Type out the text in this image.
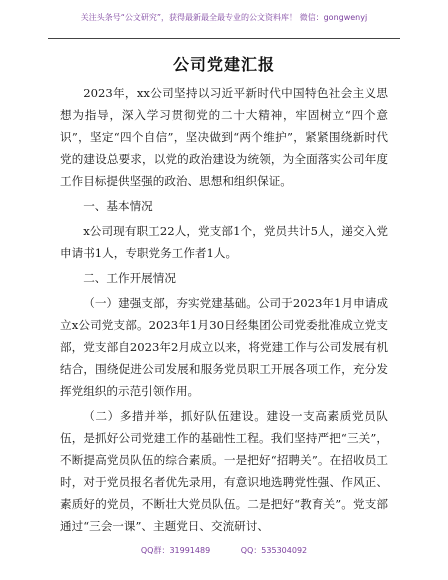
关注头条号“公文研究”，获得最新最全最专业的公文资料库！ 微信：gongwenyj
公司党建汇报

2023年，xx公司坚持以习近平新时代中国特色社会主义思想为指导，深入学习贯彻党的二十大精神，牢固树立“四个意识”，坚定“四个自信”，坚决做到“两个维护”，紧紧围绕新时代党的建设总要求，以党的政治建设为统领，为全面落实公司年度工作目标提供坚强的政治、思想和组织保证。

一、基本情况

x公司现有职工22人，党支部1个，党员共计5人，递交入党申请书1人，专职党务工作者1人。

二、工作开展情况

（一）建强支部，夯实党建基础。公司于2023年1月申请成立x公司党支部。2023年1月30日经集团公司党委批准成立党支部，党支部自2023年2月成立以来，将党建工作与公司发展有机结合，围绕促进公司发展和服务党员职工开展各项工作，充分发挥党组织的示范引领作用。

（二）多措并举，抓好队伍建设。建设一支高素质党员队伍，是抓好公司党建工作的基础性工程。我们坚持严把“三关”，不断提高党员队伍的综合素质。一是把好“招聘关”。在招收员工时，对于党员报名者优先录用，有意识地选聘党性强、作风正、素质好的党员，不断壮大党员队伍。二是把好“教育关”。党支部通过“三会一课”、主题党日、交流研讨、

QQ群：31991489	QQ：535304092
